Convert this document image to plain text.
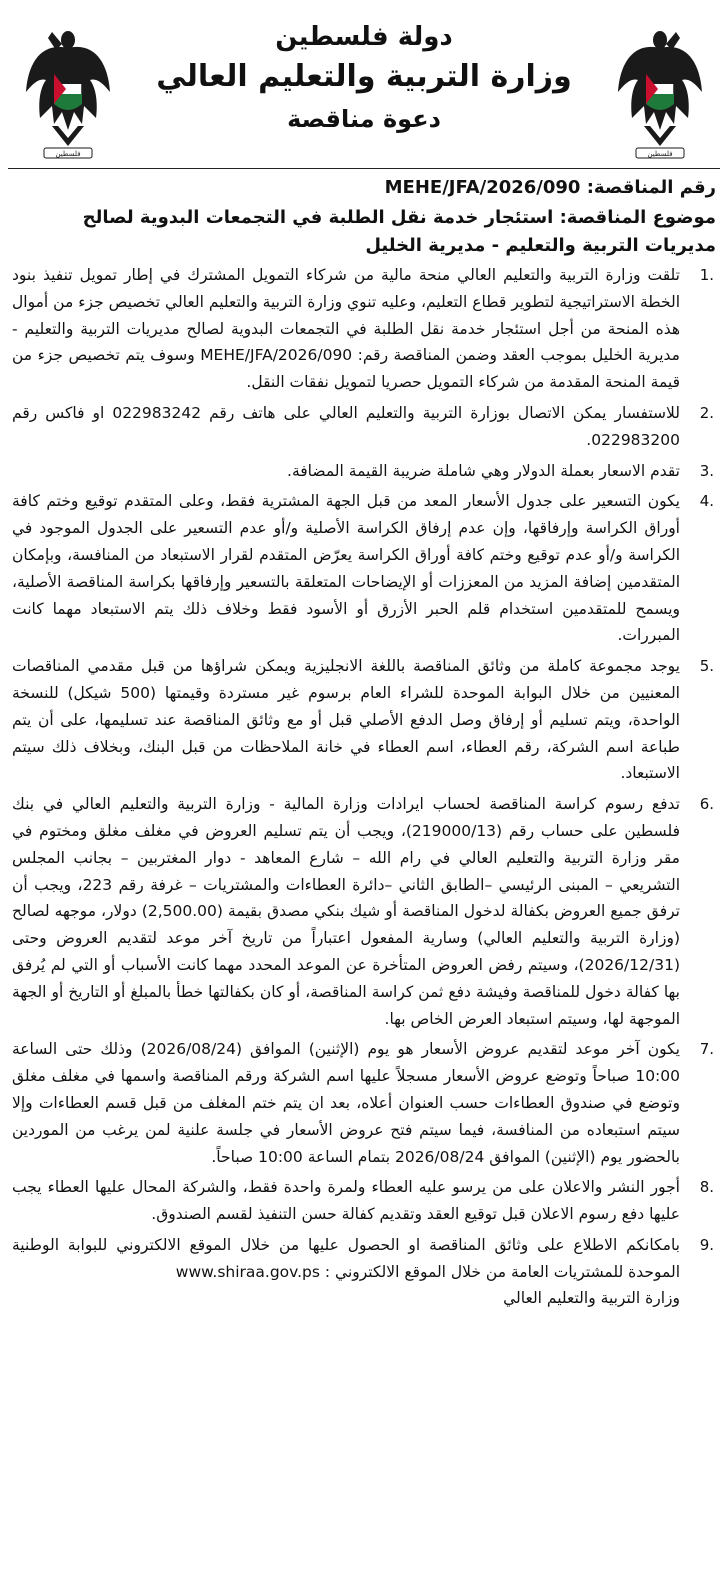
فلسطين	فلسطين
دولة فلسطين
وزارة التربية والتعليم العالي
دعوة مناقصة
رقم المناقصة: MEHE/JFA/2026/090
موضوع المناقصة: استئجار خدمة نقل الطلبة في التجمعات البدوية لصالح مديريات التربية والتعليم - مديرية الخليل
1.
تلقت وزارة التربية والتعليم العالي منحة مالية من شركاء التمويل المشترك في إطار تمويل تنفيذ بنود الخطة الاستراتيجية لتطوير قطاع التعليم، وعليه تنوي وزارة التربية والتعليم العالي تخصيص جزء من أموال هذه المنحة من أجل استئجار خدمة نقل الطلبة في التجمعات البدوية لصالح مديريات التربية والتعليم - مديرية الخليل بموجب العقد وضمن المناقصة رقم: MEHE/JFA/2026/090 وسوف يتم تخصيص جزء من قيمة المنحة المقدمة من شركاء التمويل حصريا لتمويل نفقات النقل.
2.
للاستفسار يمكن الاتصال بوزارة التربية والتعليم العالي على هاتف رقم 022983242 او فاكس رقم 022983200.
3.
تقدم الاسعار بعملة الدولار وهي شاملة ضريبة القيمة المضافة.
4.
يكون التسعير على جدول الأسعار المعد من قبل الجهة المشترية فقط، وعلى المتقدم توقيع وختم كافة أوراق الكراسة وإرفاقها، وإن عدم إرفاق الكراسة الأصلية و/أو عدم التسعير على الجدول الموجود في الكراسة و/أو عدم توقيع وختم كافة أوراق الكراسة يعرّض المتقدم لقرار الاستبعاد من المنافسة، وبإمكان المتقدمين إضافة المزيد من المعززات أو الإيضاحات المتعلقة بالتسعير وإرفاقها بكراسة المناقصة الأصلية، ويسمح للمتقدمين استخدام قلم الحبر الأزرق أو الأسود فقط وخلاف ذلك يتم الاستبعاد مهما كانت المبررات.
5.
يوجد مجموعة كاملة من وثائق المناقصة باللغة الانجليزية ويمكن شراؤها من قبل مقدمي المناقصات المعنيين من خلال البوابة الموحدة للشراء العام برسوم غير مستردة وقيمتها (500 شيكل) للنسخة الواحدة، ويتم تسليم أو إرفاق وصل الدفع الأصلي قبل أو مع وثائق المناقصة عند تسليمها، على أن يتم طباعة اسم الشركة، رقم العطاء، اسم العطاء في خانة الملاحظات من قبل البنك، وبخلاف ذلك سيتم الاستبعاد.
6.
تدفع رسوم كراسة المناقصة لحساب ايرادات وزارة المالية - وزارة التربية والتعليم العالي في بنك فلسطين على حساب رقم (219000/13)، ويجب أن يتم تسليم العروض في مغلف مغلق ومختوم في مقر وزارة التربية والتعليم العالي في رام الله – شارع المعاهد - دوار المغتربين – بجانب المجلس التشريعي – المبنى الرئيسي –الطابق الثاني –دائرة العطاءات والمشتريات – غرفة رقم 223، ويجب أن ترفق جميع العروض بكفالة لدخول المناقصة أو شيك بنكي مصدق بقيمة (2,500.00) دولار، موجهه لصالح (وزارة التربية والتعليم العالي) وسارية المفعول اعتباراً من تاريخ آخر موعد لتقديم العروض وحتى (2026/12/31)، وسيتم رفض العروض المتأخرة عن الموعد المحدد مهما كانت الأسباب أو التي لم يُرفق بها كفالة دخول للمناقصة وفيشة دفع ثمن كراسة المناقصة، أو كان بكفالتها خطأ بالمبلغ أو التاريخ أو الجهة الموجهة لها، وسيتم استبعاد العرض الخاص بها.
7.
يكون آخر موعد لتقديم عروض الأسعار هو يوم (الإثنين) الموافق (2026/08/24) وذلك حتى الساعة 10:00 صباحاً وتوضع عروض الأسعار مسجلاً عليها اسم الشركة ورقم المناقصة واسمها في مغلف مغلق وتوضع في صندوق العطاءات حسب العنوان أعلاه، بعد ان يتم ختم المغلف من قبل قسم العطاءات وإلا سيتم استبعاده من المنافسة، فيما سيتم فتح عروض الأسعار في جلسة علنية لمن يرغب من الموردين بالحضور يوم (الإثنين) الموافق 2026/08/24 بتمام الساعة 10:00 صباحاً.
8.
أجور النشر والاعلان على من يرسو عليه العطاء ولمرة واحدة فقط، والشركة المحال عليها العطاء يجب عليها دفع رسوم الاعلان قبل توقيع العقد وتقديم كفالة حسن التنفيذ لقسم الصندوق.
9.
بامكانكم الاطلاع على وثائق المناقصة او الحصول عليها من خلال الموقع الالكتروني للبوابة الوطنية الموحدة للمشتريات العامة من خلال الموقع الالكتروني : www.shiraa.gov.ps
وزارة التربية والتعليم العالي
